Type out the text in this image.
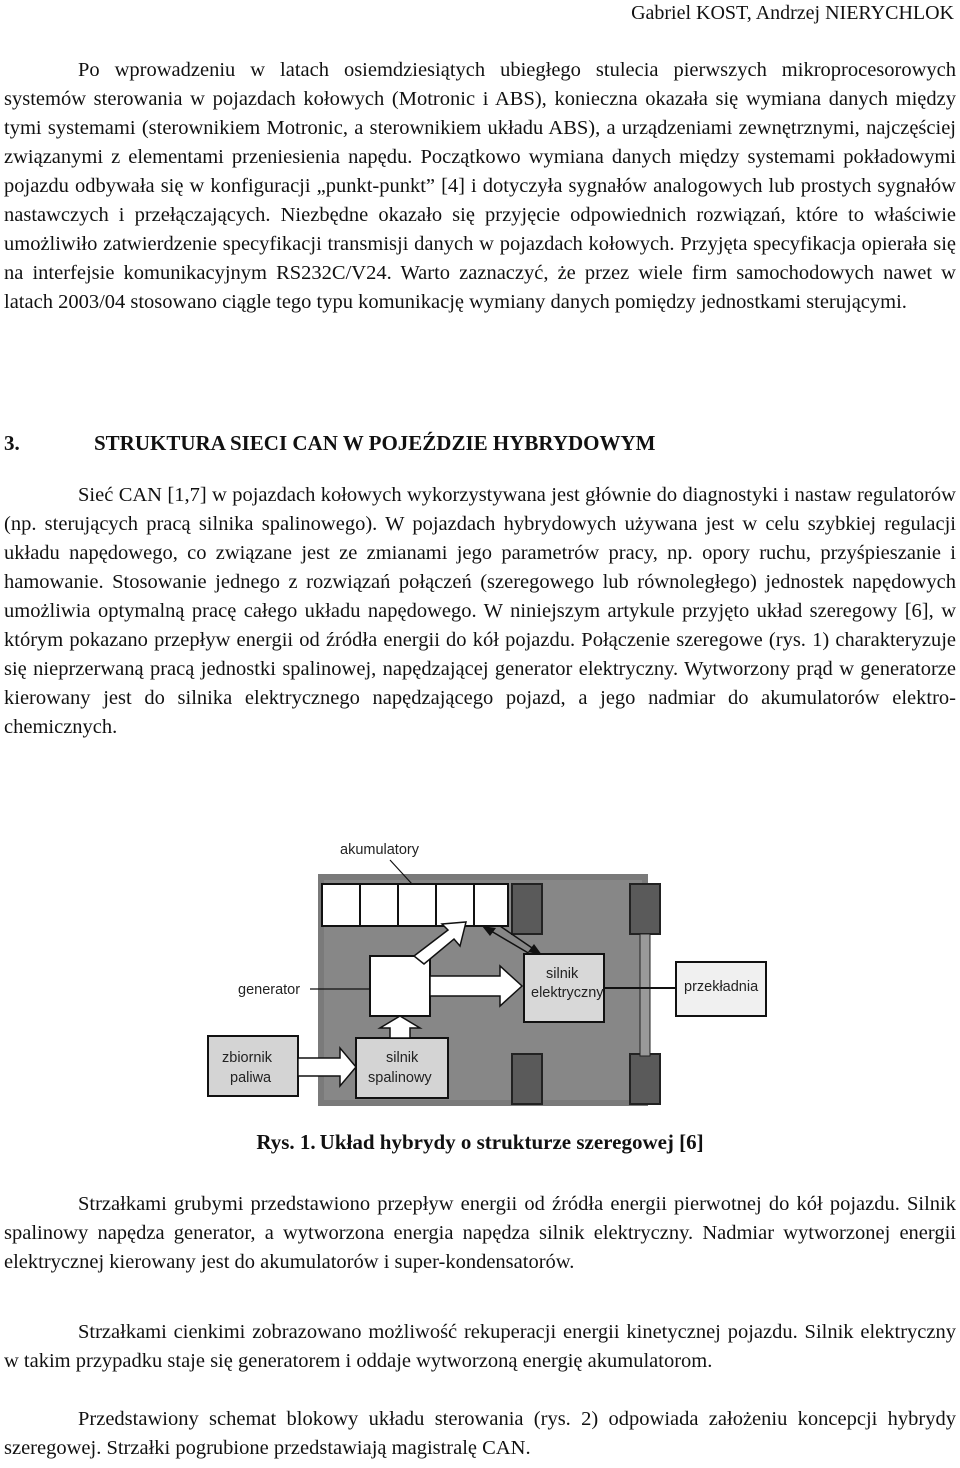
Gabriel KOST, Andrzej NIERYCHLOK

Po wprowadzeniu w latach osiemdziesiątych ubiegłego stulecia pierwszych mikroprocesorowych systemów sterowania w pojazdach kołowych (Motronic i ABS), konieczna okazała się wymiana danych między tymi systemami (sterownikiem Motronic, a sterownikiem układu ABS), a urządzeniami zewnętrznymi, najczęściej związanymi z elementami przeniesienia napędu. Początkowo wymiana danych między systemami pokładowymi pojazdu odbywała się w konfiguracji „punkt-punkt” [4] i dotyczyła sygnałów analogowych lub prostych sygnałów nastawczych i przełączających. Niezbędne okazało się przyjęcie odpowiednich rozwiązań, które to właściwie umożliwiło zatwierdzenie specyfikacji transmisji danych w pojazdach kołowych. Przyjęta specyfikacja opierała się na interfejsie komunikacyjnym RS232C/V24. Warto zaznaczyć, że przez wiele firm samochodowych nawet w latach 2003/04 stosowano ciągle tego typu komunikację wymiany danych pomiędzy jednostkami sterującymi.

3.	STRUKTURA SIECI CAN W POJEŹDZIE HYBRYDOWYM

Sieć CAN [1,7] w pojazdach kołowych wykorzystywana jest głównie do diagnostyki i nastaw regulatorów (np. sterujących pracą silnika spalinowego). W pojazdach hybrydowych używana jest w celu szybkiej regulacji układu napędowego, co związane jest ze zmianami jego parametrów pracy, np. opory ruchu, przyśpieszanie i hamowanie. Stosowanie jednego z rozwiązań połączeń (szeregowego lub równoległego) jednostek napędowych umożliwia optymalną pracę całego układu napędowego. W niniejszym artykule przyjęto układ szeregowy [6], w którym pokazano przepływ energii od źródła energii do kół pojazdu. Połączenie szeregowe (rys. 1) charakteryzuje się nieprzerwaną pracą jednostki spalinowej, napędzającej generator elektryczny. Wytworzony prąd w generatorze kierowany jest do silnika elektrycznego napędzającego pojazd, a jego nadmiar do akumulatorów elektro-chemicznych.

akumulatory
generator
silnik
elektryczny	przekładnia
zbiornik
paliwa
silnik
spalinowy
Rys. 1. Układ hybrydy o strukturze szeregowej [6]

Strzałkami grubymi przedstawiono przepływ energii od źródła energii pierwotnej do kół pojazdu. Silnik spalinowy napędza generator, a wytworzona energia napędza silnik elektryczny. Nadmiar wytworzonej energii elektrycznej kierowany jest do akumulatorów i super-kondensatorów.

Strzałkami cienkimi zobrazowano możliwość rekuperacji energii kinetycznej pojazdu. Silnik elektryczny w takim przypadku staje się generatorem i oddaje wytworzoną energię akumulatorom.

Przedstawiony schemat blokowy układu sterowania (rys. 2) odpowiada założeniu koncepcji hybrydy szeregowej. Strzałki pogrubione przedstawiają magistralę CAN.
